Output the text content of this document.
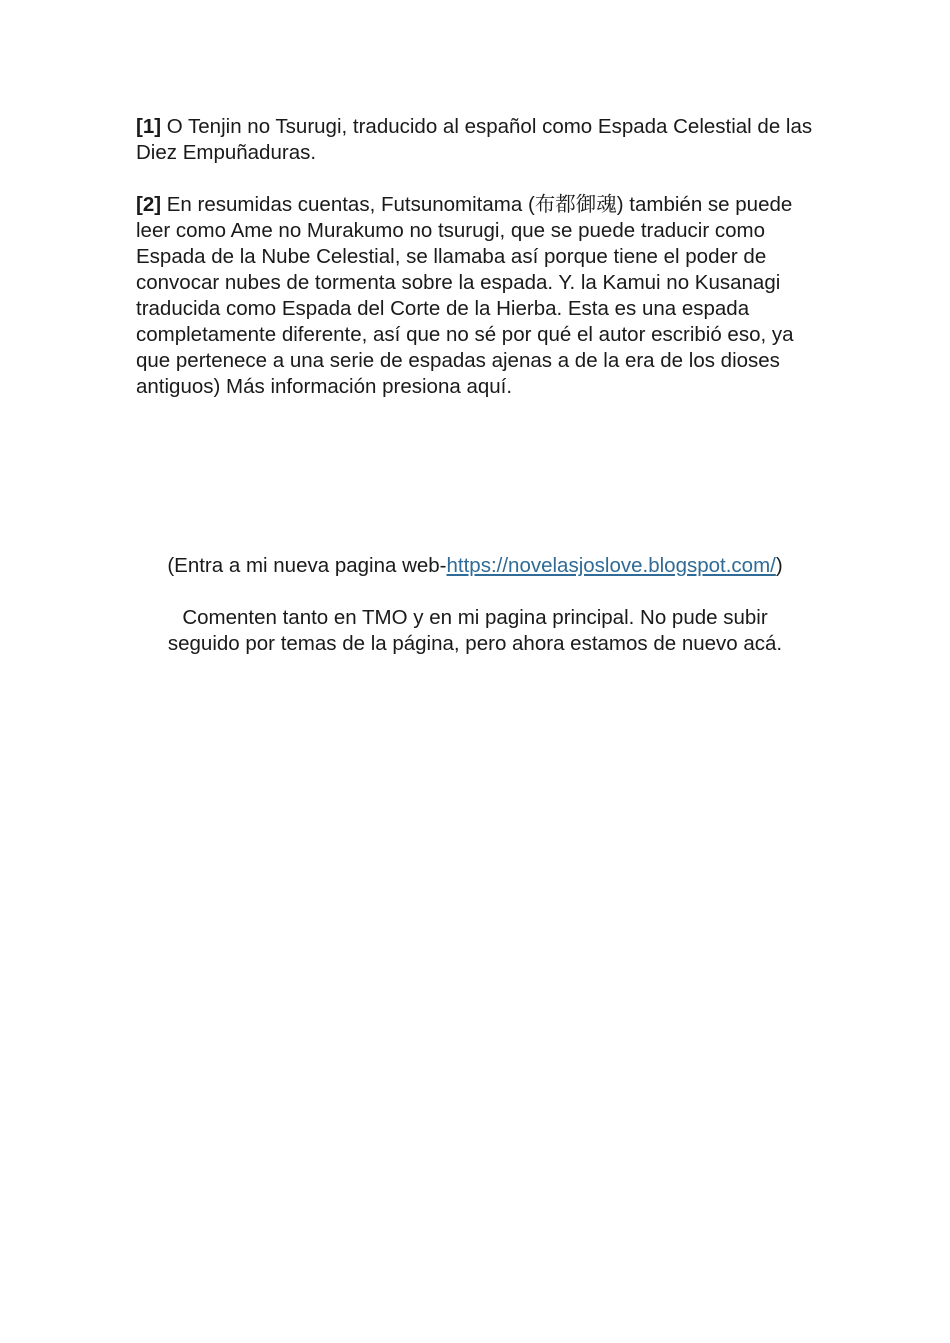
[1] O Tenjin no Tsurugi, traducido al español como Espada Celestial de las Diez Empuñaduras.

[2] En resumidas cuentas, Futsunomitama (布都御魂) también se puede leer como Ame no Murakumo no tsurugi, que se puede traducir como Espada de la Nube Celestial, se llamaba así porque tiene el poder de convocar nubes de tormenta sobre la espada. Y. la Kamui no Kusanagi traducida como Espada del Corte de la Hierba. Esta es una espada completamente diferente, así que no sé por qué el autor escribió eso, ya que pertenece a una serie de espadas ajenas a de la era de los dioses antiguos) Más información presiona aquí.

(Entra a mi nueva pagina web-https://novelasjoslove.blogspot.com/)

Comenten tanto en TMO y en mi pagina principal. No pude subir
seguido por temas de la página, pero ahora estamos de nuevo acá.
